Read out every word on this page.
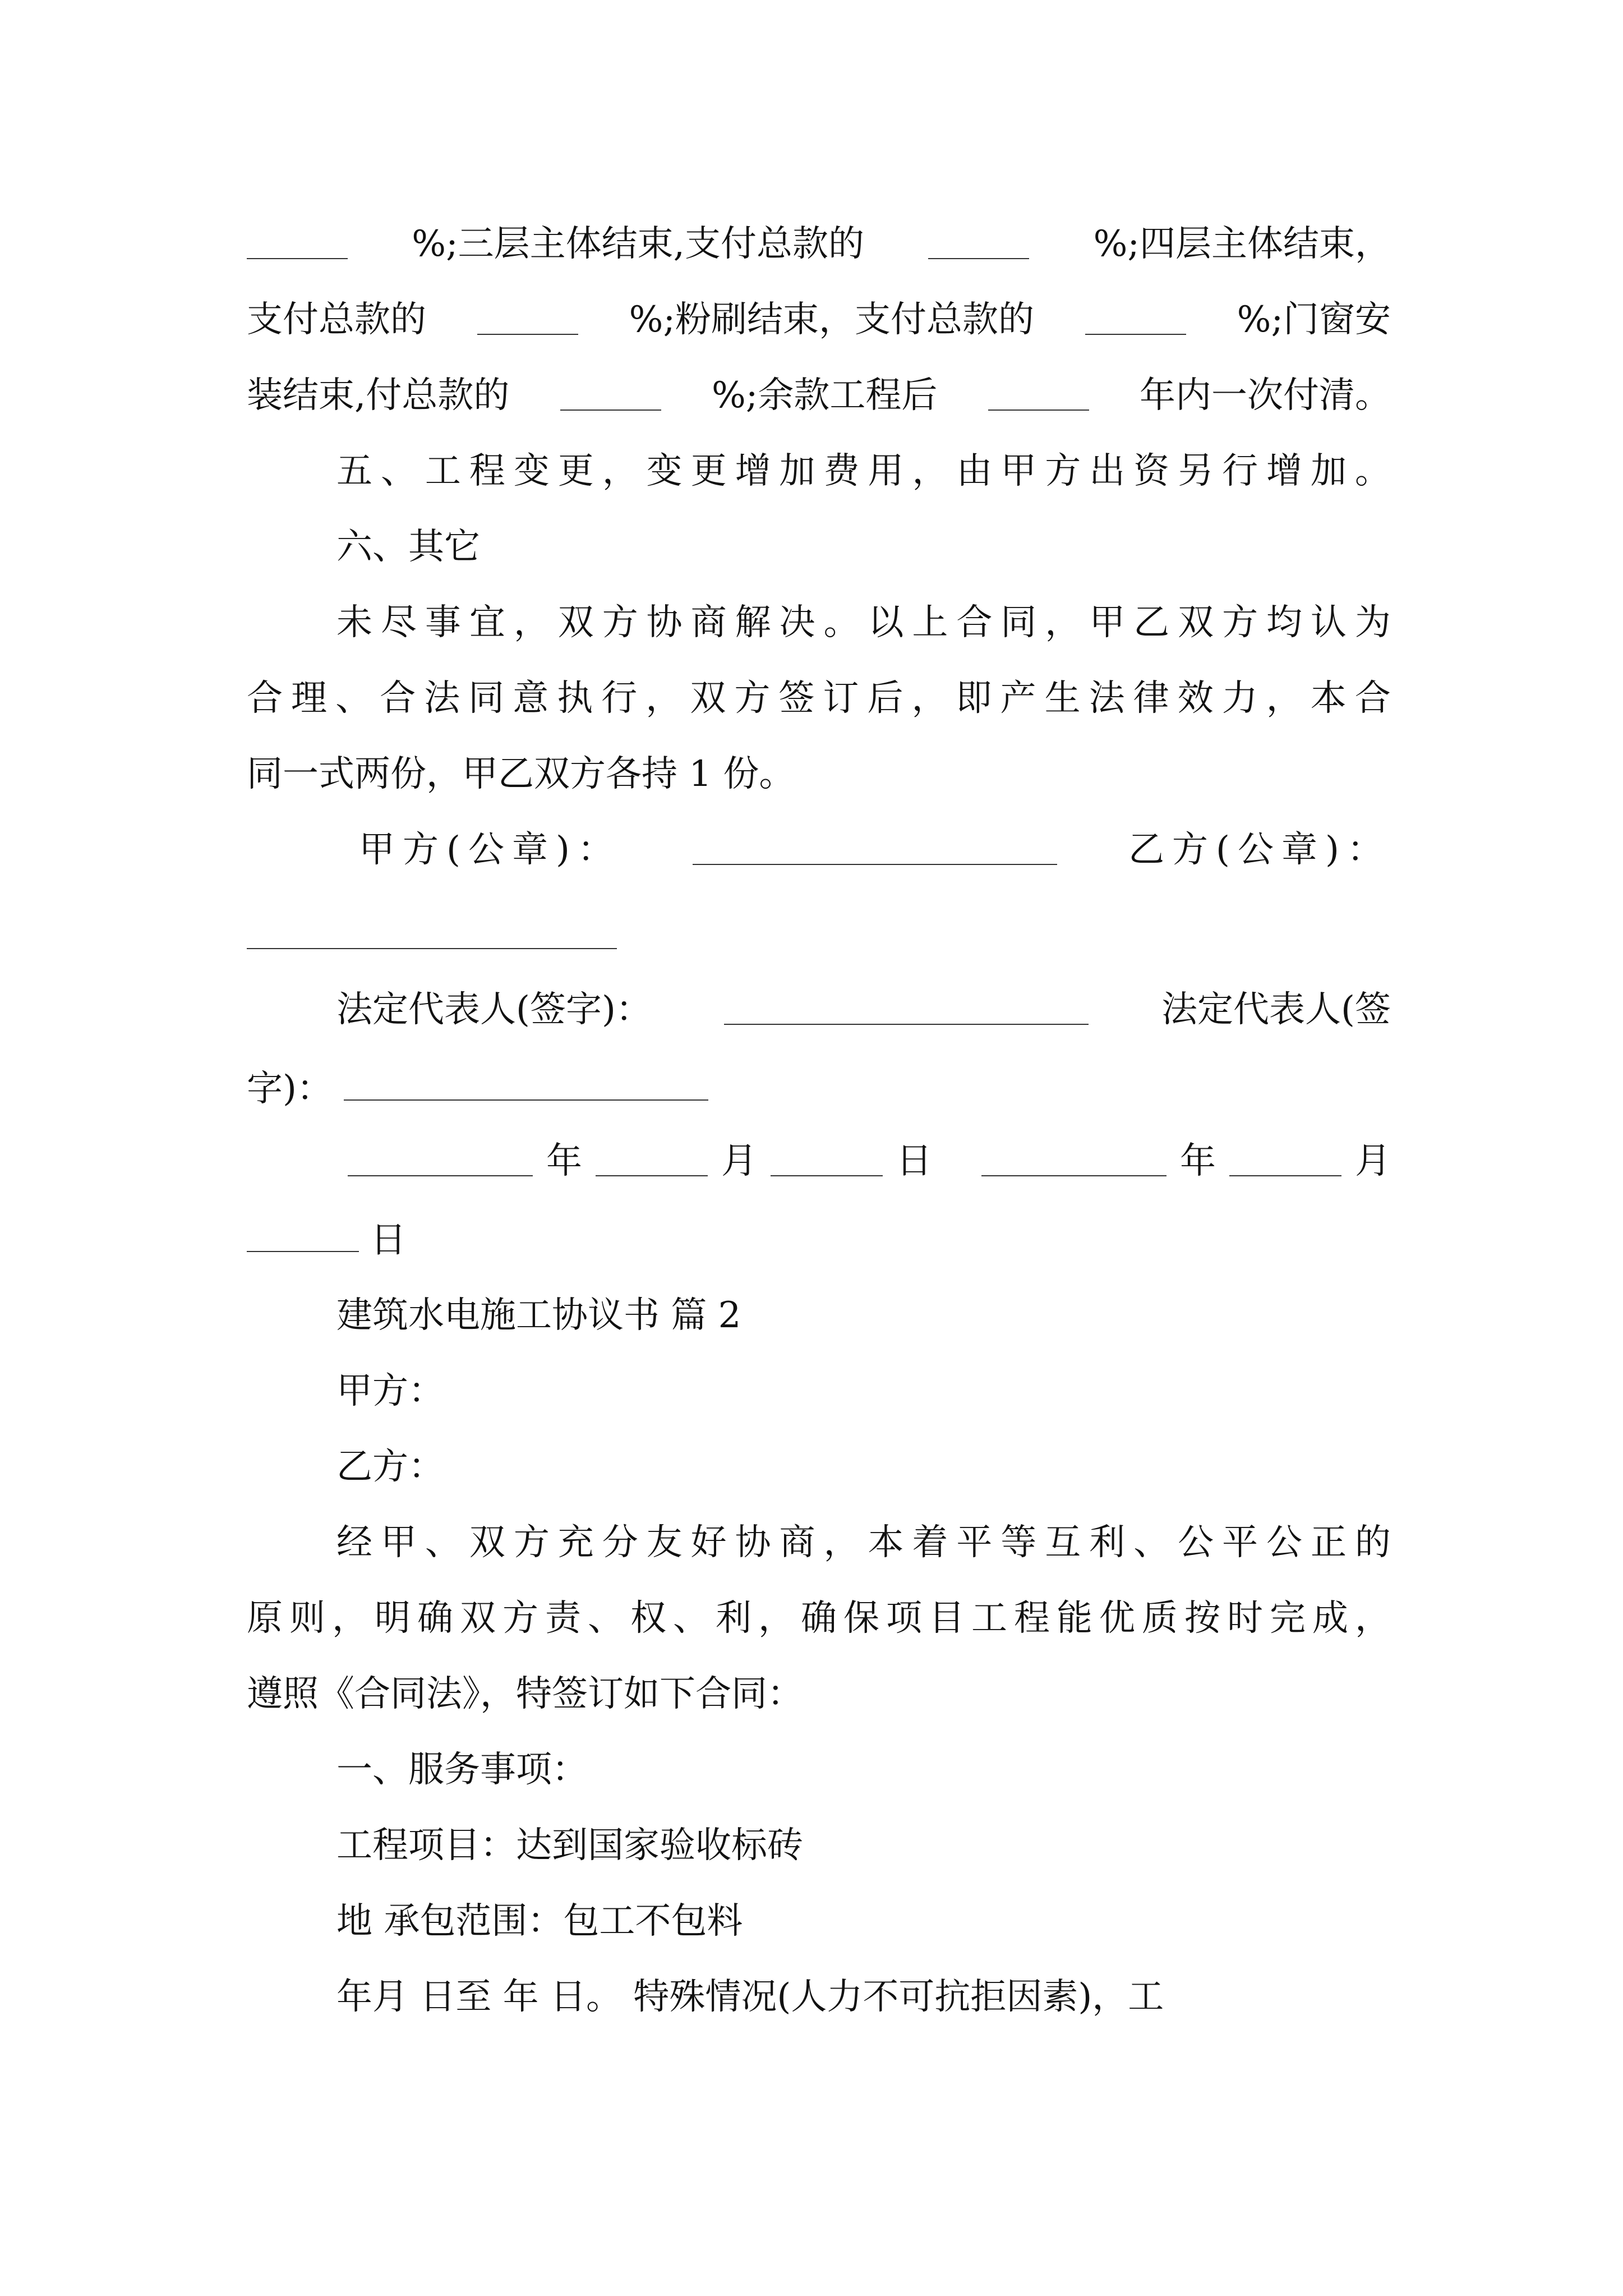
%;三层主体结束,支付总款的	%;四层主体结束，
支付总款的	%;粉刷结束，支付总款的	%;门窗安
装结束,付总款的	%;余款工程后	年内一次付清。
五 、 工 程 变 更 ， 变 更 增 加 费 用 ， 由 甲 方 出 资 另 行 增 加 。
六、其它
未 尽 事 宜 ， 双 方 协 商 解 决 。 以 上 合 同 ， 甲 乙 双 方 均 认 为
合 理 、 合 法 同 意 执 行 ， 双 方 签 订 后 ， 即 产 生 法 律 效 力 ， 本 合
同一式两份，甲乙双方各持 1 份。
甲方(公章)：	乙方(公章)：
法定代表人(签字)：	法定代表人(签
字)：
年	月	日	年	月
日
建筑水电施工协议书 篇 2
甲方：
乙方：
经 甲 、 双 方 充 分 友 好 协 商 ， 本 着 平 等 互 利 、 公 平 公 正 的
原 则 ， 明 确 双 方 责 、 权 、 利 ， 确 保 项 目 工 程 能 优 质 按 时 完 成 ，
遵照《合同法》，特签订如下合同：
一、服务事项：
工程项目：达到国家验收标砖
地 承包范围：包工不包料
年月 日至 年 日。 特殊情况(人力不可抗拒因素)，工
